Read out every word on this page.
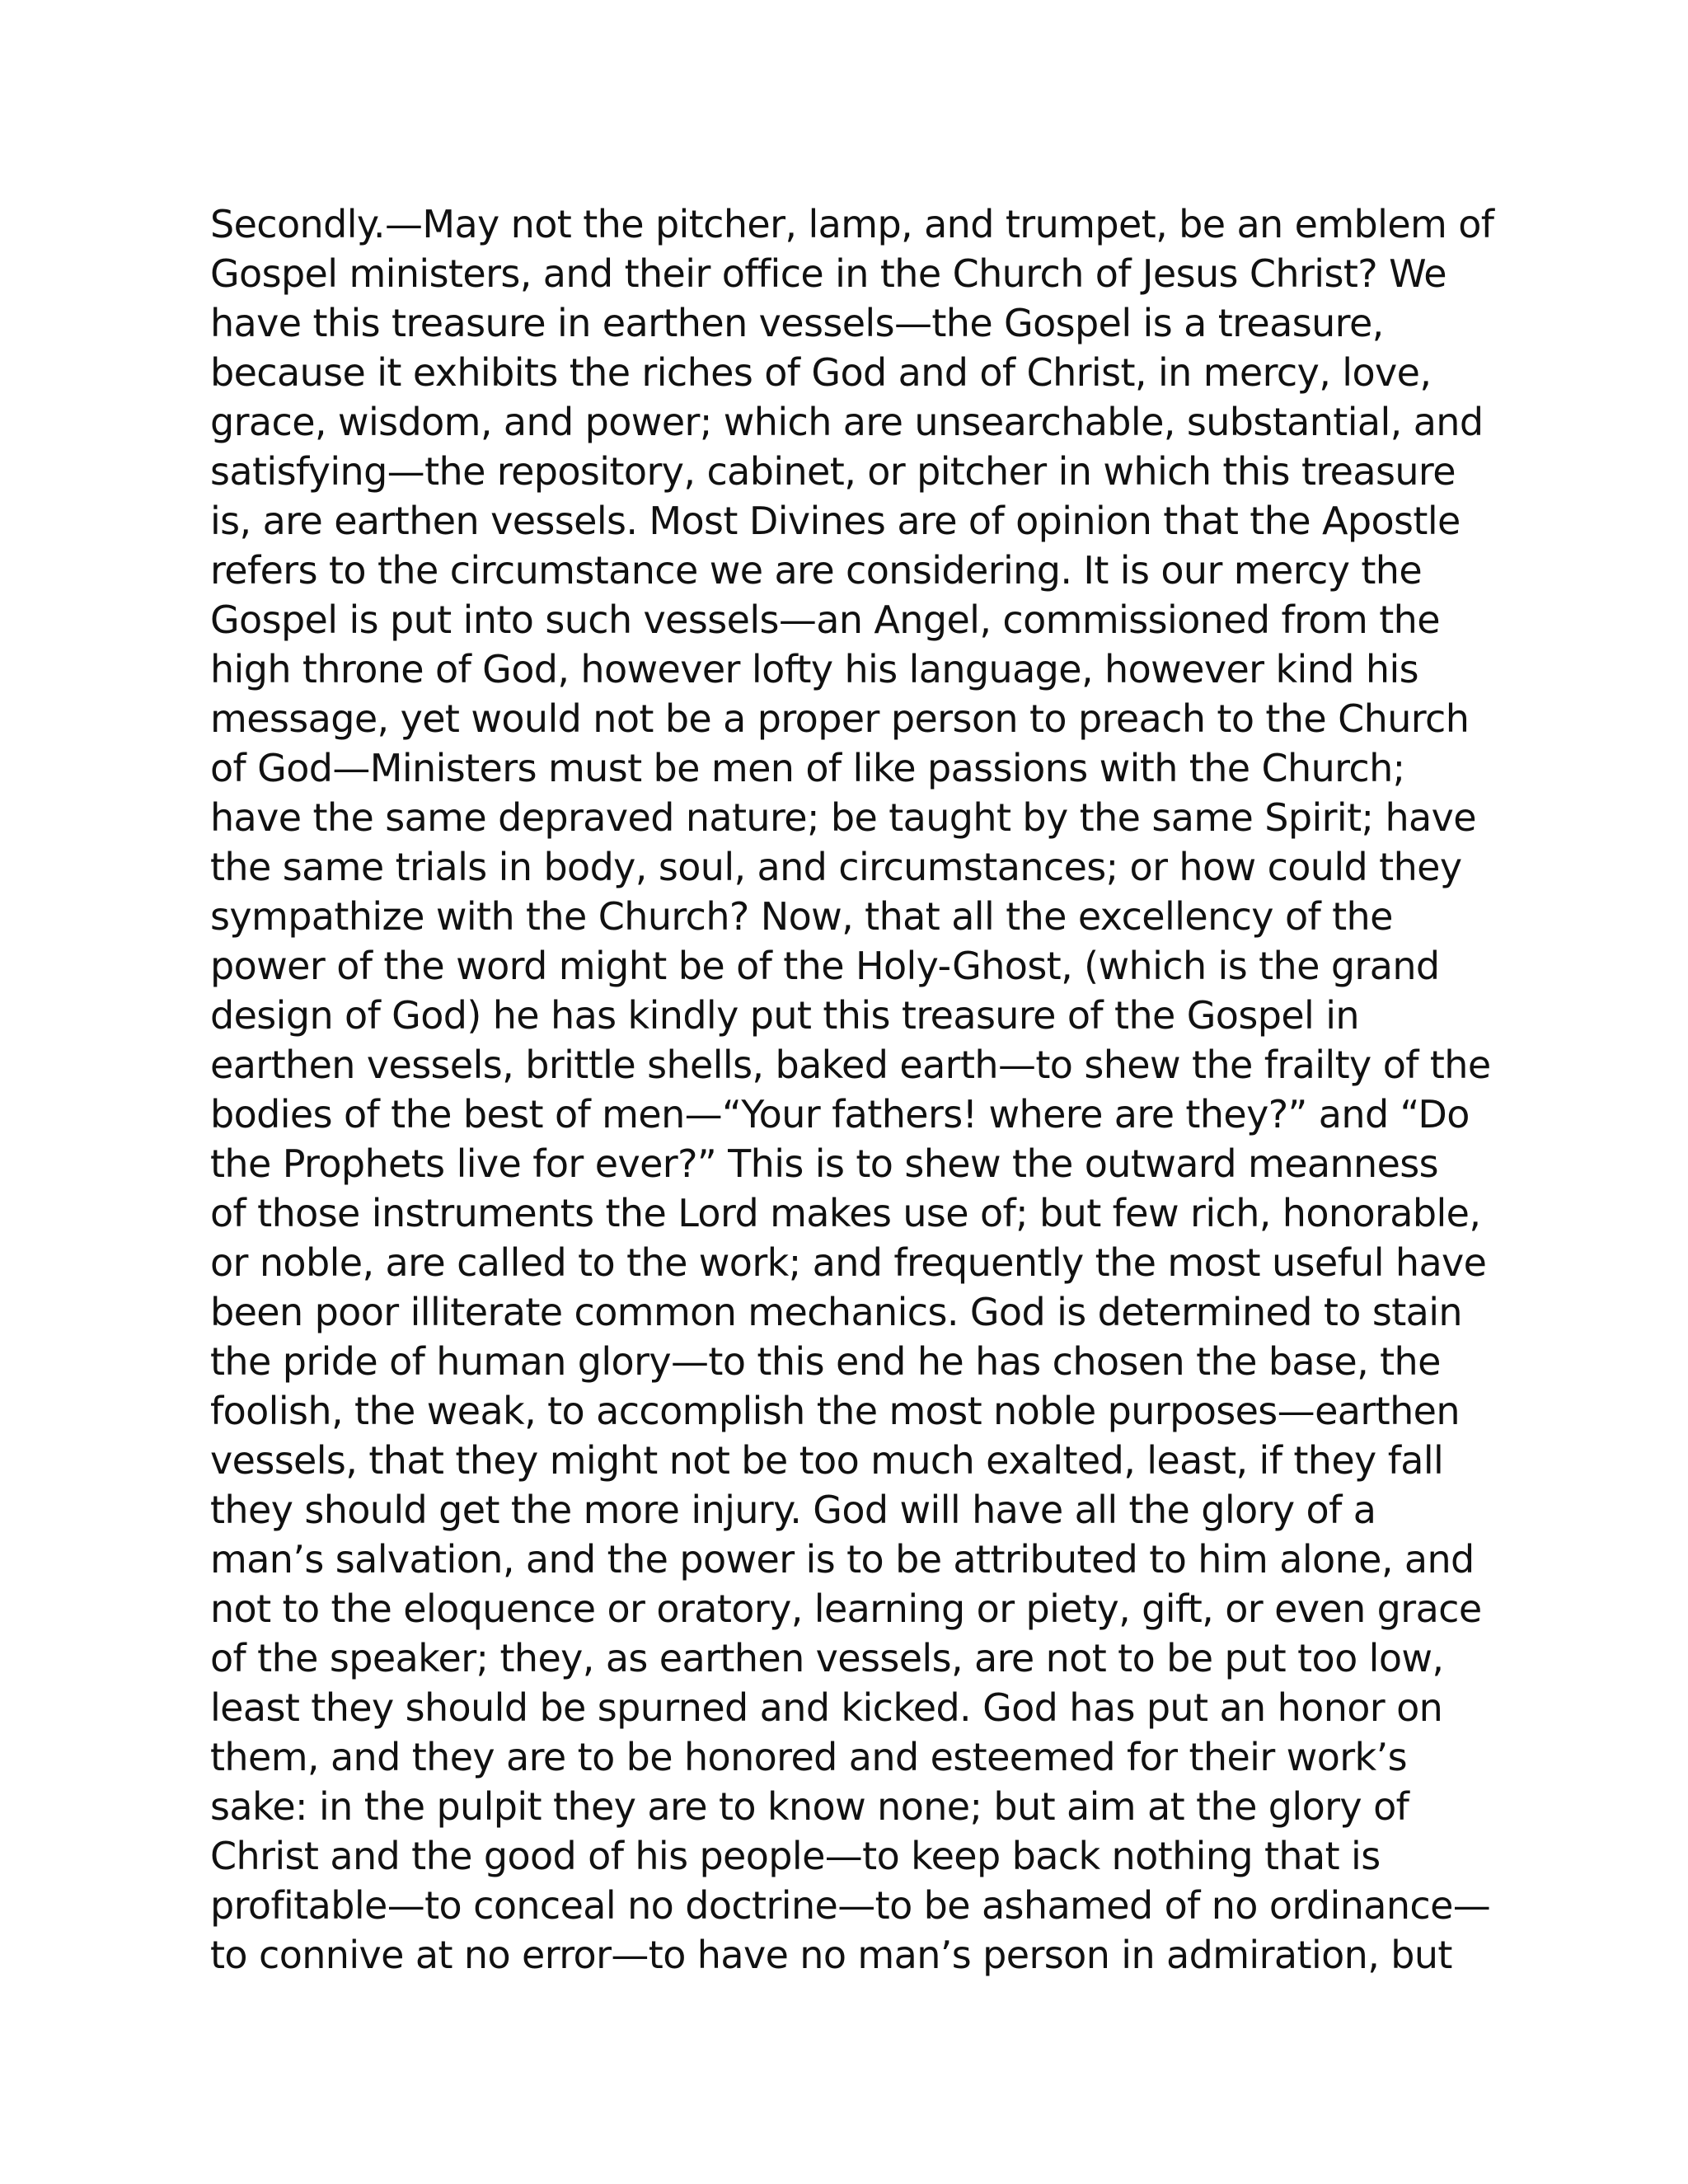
Secondly.—May not the pitcher, lamp, and trumpet, be an emblem of
Gospel ministers, and their office in the Church of Jesus Christ? We
have this treasure in earthen vessels—the Gospel is a treasure,
because it exhibits the riches of God and of Christ, in mercy, love,
grace, wisdom, and power; which are unsearchable, substantial, and
satisfying—the repository, cabinet, or pitcher in which this treasure
is, are earthen vessels. Most Divines are of opinion that the Apostle
refers to the circumstance we are considering. It is our mercy the
Gospel is put into such vessels—an Angel, commissioned from the
high throne of God, however lofty his language, however kind his
message, yet would not be a proper person to preach to the Church
of God—Ministers must be men of like passions with the Church;
have the same depraved nature; be taught by the same Spirit; have
the same trials in body, soul, and circumstances; or how could they
sympathize with the Church? Now, that all the excellency of the
power of the word might be of the Holy-Ghost, (which is the grand
design of God) he has kindly put this treasure of the Gospel in
earthen vessels, brittle shells, baked earth—to shew the frailty of the
bodies of the best of men—“Your fathers! where are they?” and “Do
the Prophets live for ever?” This is to shew the outward meanness
of those instruments the Lord makes use of; but few rich, honorable,
or noble, are called to the work; and frequently the most useful have
been poor illiterate common mechanics. God is determined to stain
the pride of human glory—to this end he has chosen the base, the
foolish, the weak, to accomplish the most noble purposes—earthen
vessels, that they might not be too much exalted, least, if they fall
they should get the more injury. God will have all the glory of a
man’s salvation, and the power is to be attributed to him alone, and
not to the eloquence or oratory, learning or piety, gift, or even grace
of the speaker; they, as earthen vessels, are not to be put too low,
least they should be spurned and kicked. God has put an honor on
them, and they are to be honored and esteemed for their work’s
sake: in the pulpit they are to know none; but aim at the glory of
Christ and the good of his people—to keep back nothing that is
profitable—to conceal no doctrine—to be ashamed of no ordinance—
to connive at no error—to have no man’s person in admiration, but
